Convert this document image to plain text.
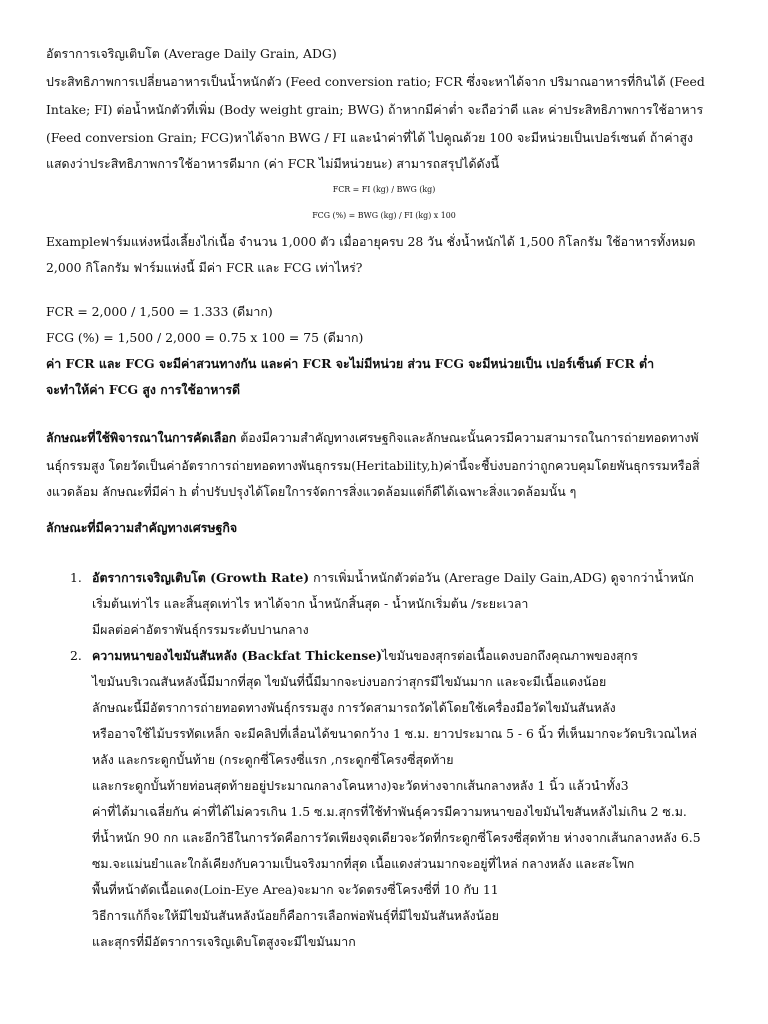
อัตราการเจริญเติบโต (Average Daily Grain, ADG)
ประสิทธิภาพการเปลี่ยนอาหารเป็นน้ำหนักตัว (Feed conversion ratio; FCR ซึ่งจะหาได้จาก ปริมาณอาหารที่กินได้ (Feed
Intake; FI) ต่อน้ำหนักตัวที่เพิ่ม (Body weight grain; BWG) ถ้าหากมีค่าต่ำ จะถือว่าดี และ ค่าประสิทธิภาพการใช้อาหาร
(Feed conversion Grain; FCG)หาได้จาก BWG / FI และนำค่าที่ได้ ไปคูณด้วย 100 จะมีหน่วยเป็นเปอร์เซนต์ ถ้าค่าสูง
แสดงว่าประสิทธิภาพการใช้อาหารดีมาก (ค่า FCR ไม่มีหน่วยนะ) สามารถสรุปได้ดังนี้
FCR = FI (kg) / BWG (kg)
FCG (%) = BWG (kg) / FI (kg) x 100
Exampleฟาร์มแห่งหนึ่งเลี้ยงไก่เนื้อ จำนวน 1,000 ตัว เมื่ออายุครบ 28 วัน ชั่งน้ำหนักได้ 1,500 กิโลกรัม ใช้อาหารทั้งหมด
2,000 กิโลกรัม ฟาร์มแห่งนี้ มีค่า FCR และ FCG เท่าไหร่?
FCR = 2,000 / 1,500 = 1.333 (ดีมาก)
FCG (%) = 1,500 / 2,000 = 0.75 x 100 = 75 (ดีมาก)
ค่า FCR และ FCG จะมีค่าสวนทางกัน และค่า FCR จะไม่มีหน่วย ส่วน FCG จะมีหน่วยเป็น เปอร์เซ็นต์ FCR ต่ำ
จะทำให้ค่า FCG สูง การใช้อาหารดี
ลักษณะที่ใช้พิจารณาในการคัดเลือก ต้องมีความสำคัญทางเศรษฐกิจและลักษณะนั้นควรมีความสามารถในการถ่ายทอดทางพั
นธุ์กรรมสูง โดยวัดเป็นค่าอัตราการถ่ายทอดทางพันธุกรรม(Heritability,h)ค่านี้จะชี้บ่งบอกว่าถูกควบคุมโดยพันธุกรรมหรือสิ่
งแวดล้อม ลักษณะที่มีค่า h ต่ำปรับปรุงได้โดยใการจัดการสิ่งแวดล้อมแต่ก็ดีได้เฉพาะสิ่งแวดล้อมนั้น ๆ
ลักษณะที่มีความสำคัญทางเศรษฐกิจ
1. อัตราการเจริญเติบโต (Growth Rate) การเพิ่มน้ำหนักตัวต่อวัน (Arerage Daily Gain,ADG) ดูจากว่าน้ำหนัก
เริ่มต้นเท่าไร และสิ้นสุดเท่าไร หาได้จาก น้ำหนักสิ้นสุด - น้ำหนักเริ่มต้น /ระยะเวลา
มีผลต่อค่าอัตราพันธุ์กรรมระดับปานกลาง
2. ความหนาของไขมันสันหลัง (Backfat Thickense)ไขมันของสุกรต่อเนื้อแดงบอกถึงคุณภาพของสุกร
ไขมันบริเวณสันหลังนี้มีมากที่สุด ไขมันที่นี้มีมากจะบ่งบอกว่าสุกรมีไขมันมาก และจะมีเนื้อแดงน้อย
ลักษณะนี้มีอัตราการถ่ายทอดทางพันธุ์กรรมสูง การวัดสามารถวัดได้โดยใช้เครื่องมือวัดไขมันสันหลัง
หรืออาจใช้ไม้บรรทัดเหล็ก จะมีคลิปที่เลื่อนได้ขนาดกว้าง 1 ซ.ม. ยาวประมาณ 5 - 6 นิ้ว ที่เห็นมากจะวัดบริเวณไหล่
หลัง และกระดูกบั้นท้าย (กระดูกซี่โครงซี่แรก ,กระดูกซี่โครงซี่สุดท้าย
และกระดูกบั้นท้ายท่อนสุดท้ายอยู่ประมาณกลางโคนหาง)จะวัดห่างจากเส้นกลางหลัง 1 นิ้ว แล้วนำทั้ง3
ค่าที่ได้มาเฉลี่ยกัน ค่าที่ได้ไม่ควรเกิน 1.5 ซ.ม.สุกรที่ใช้ทำพันธุ์ควรมีความหนาของไขมันไขสันหลังไม่เกิน 2 ซ.ม.
ที่น้ำหนัก 90 กก และอีกวิธีในการวัดคือการวัดเพียงจุดเดียวจะวัดที่กระดูกซี่โครงซี่สุดท้าย ห่างจากเส้นกลางหลัง 6.5
ซม.จะแม่นยำและใกล้เคียงกับความเป็นจริงมากที่สุด เนื้อแดงส่วนมากจะอยู่ที่ไหล่ กลางหลัง และสะโพก
พื้นที่หน้าตัดเนื้อแดง(Loin-Eye Area)จะมาก จะวัดตรงซี่โครงซี่ที่ 10 กับ 11
วิธีการแก้ก็จะให้มีไขมันสันหลังน้อยก็คือการเลือกพ่อพันธุ์ที่มีไขมันสันหลังน้อย
และสุกรที่มีอัตราการเจริญเติบโตสูงจะมีไขมันมาก
